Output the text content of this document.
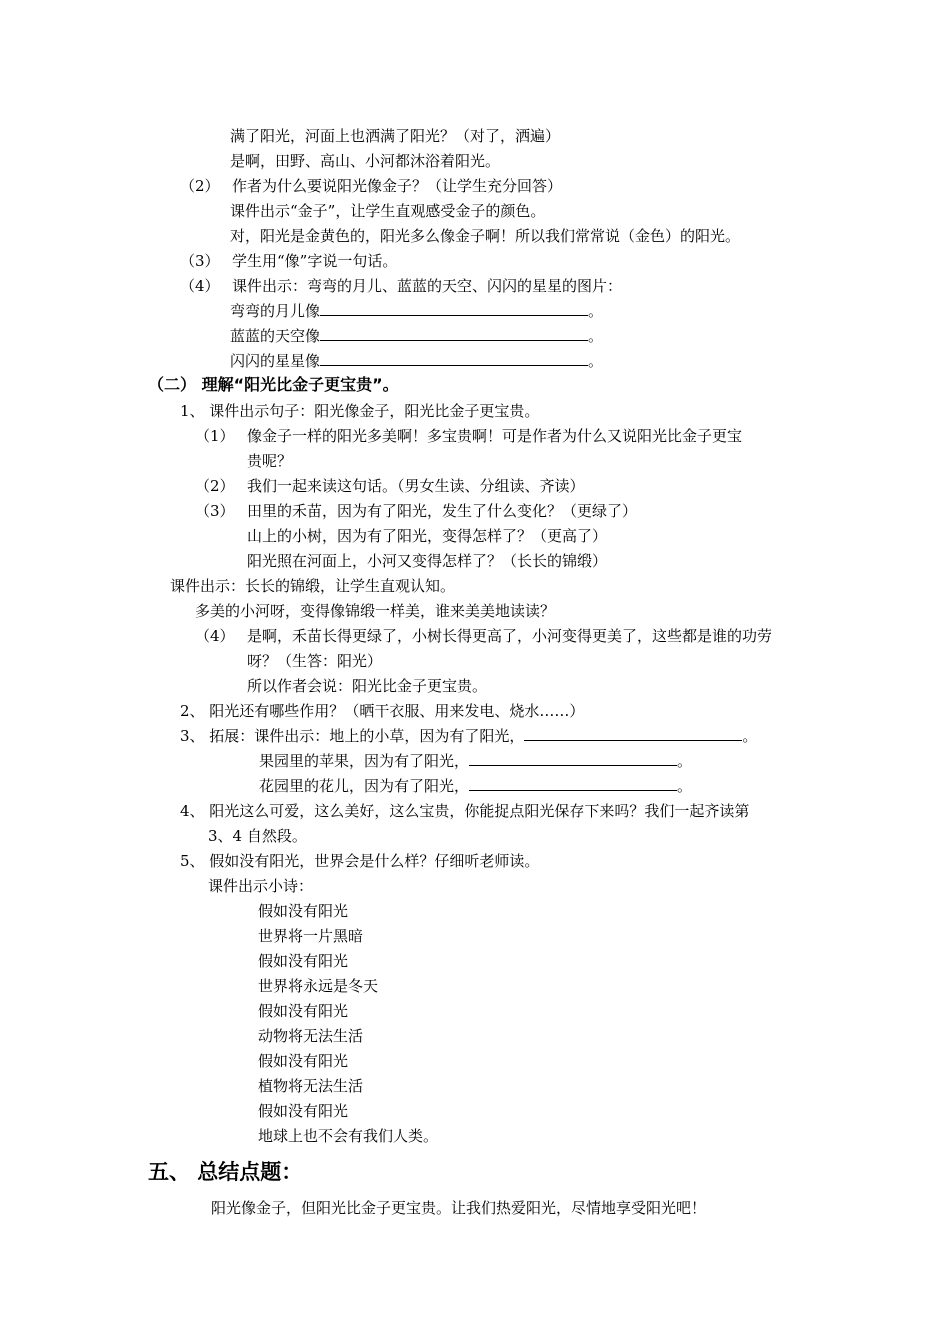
满了阳光，河面上也洒满了阳光？（对了，洒遍）
是啊，田野、高山、小河都沐浴着阳光。
（2） 作者为什么要说阳光像金子？（让学生充分回答）
课件出示“金子”，让学生直观感受金子的颜色。
对，阳光是金黄色的，阳光多么像金子啊！所以我们常常说（金色）的阳光。
（3） 学生用“像”字说一句话。
（4） 课件出示：弯弯的月儿、蓝蓝的天空、闪闪的星星的图片：
弯弯的月儿像	。
蓝蓝的天空像	。
闪闪的星星像	。
（二） 理解“阳光比金子更宝贵”。
1、 课件出示句子：阳光像金子，阳光比金子更宝贵。
（1） 像金子一样的阳光多美啊！多宝贵啊！可是作者为什么又说阳光比金子更宝
贵呢？
（2） 我们一起来读这句话。（男女生读、分组读、齐读）
（3） 田里的禾苗，因为有了阳光，发生了什么变化？（更绿了）
山上的小树，因为有了阳光，变得怎样了？（更高了）
阳光照在河面上，小河又变得怎样了？（长长的锦缎）
课件出示：长长的锦缎，让学生直观认知。
多美的小河呀，变得像锦缎一样美，谁来美美地读读？
（4） 是啊，禾苗长得更绿了，小树长得更高了，小河变得更美了，这些都是谁的功劳
呀？（生答：阳光）
所以作者会说：阳光比金子更宝贵。
2、 阳光还有哪些作用？（晒干衣服、用来发电、烧水……）
3、 拓展：课件出示：地上的小草，因为有了阳光，	。
果园里的苹果，因为有了阳光，	。
花园里的花儿，因为有了阳光，	。
4、 阳光这么可爱，这么美好，这么宝贵，你能捉点阳光保存下来吗？我们一起齐读第
3、4 自然段。
5、 假如没有阳光，世界会是什么样？仔细听老师读。
课件出示小诗：
假如没有阳光
世界将一片黑暗
假如没有阳光
世界将永远是冬天
假如没有阳光
动物将无法生活
假如没有阳光
植物将无法生活
假如没有阳光
地球上也不会有我们人类。
五、 总结点题：
阳光像金子，但阳光比金子更宝贵。让我们热爱阳光，尽情地享受阳光吧！
